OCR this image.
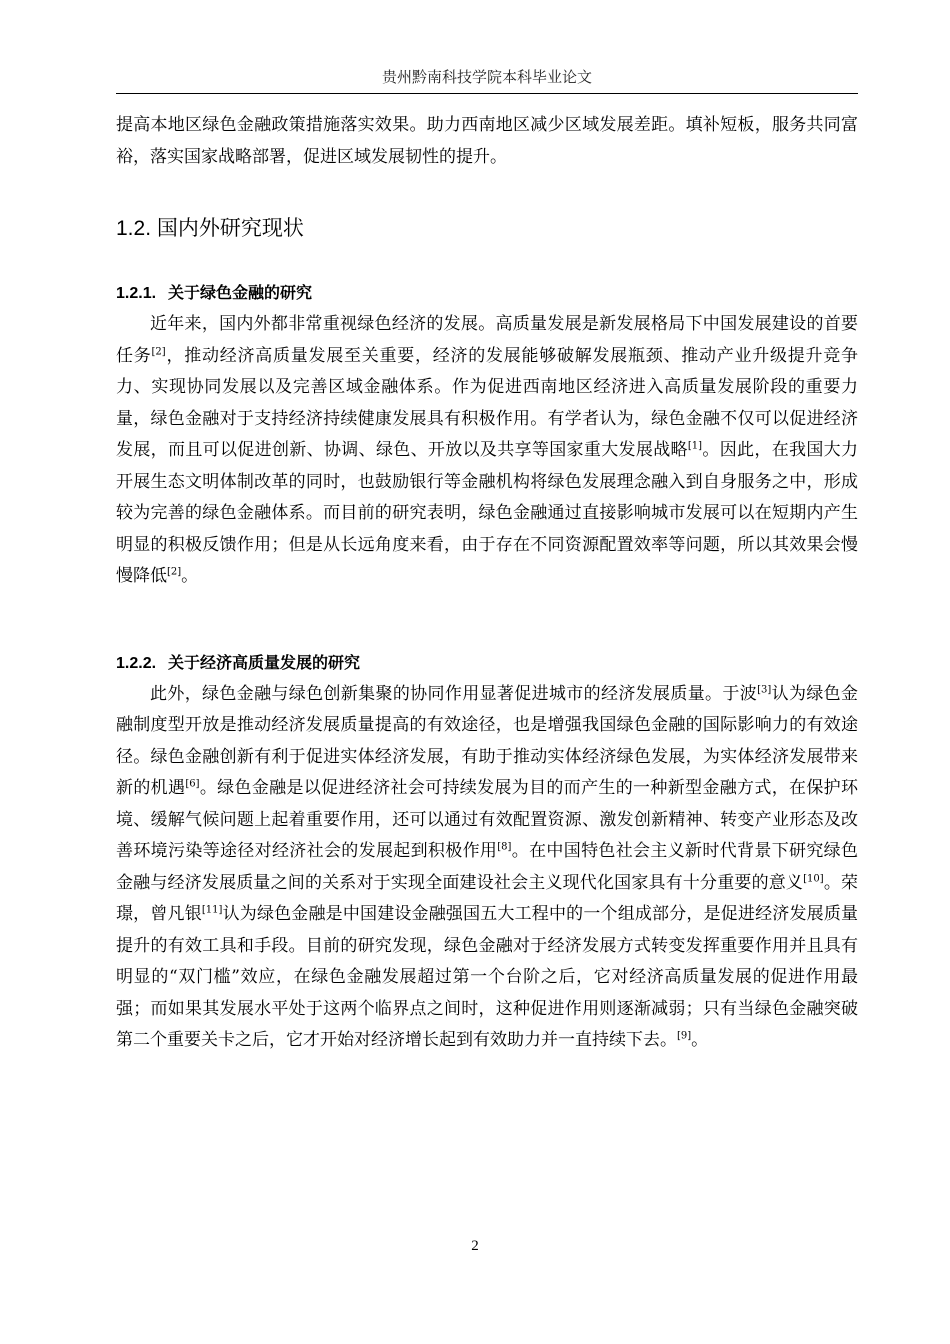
贵州黔南科技学院本科毕业论文

提高本地区绿色金融政策措施落实效果。助力西南地区减少区域发展差距。填补短板，服务共同富裕，落实国家战略部署，促进区域发展韧性的提升。

1.2. 国内外研究现状
1.2.1. 关于绿色金融的研究

近年来，国内外都非常重视绿色经济的发展。高质量发展是新发展格局下中国发展建设的首要任务[2]，推动经济高质量发展至关重要，经济的发展能够破解发展瓶颈、推动产业升级提升竞争力、实现协同发展以及完善区域金融体系。作为促进西南地区经济进入高质量发展阶段的重要力量，绿色金融对于支持经济持续健康发展具有积极作用。有学者认为，绿色金融不仅可以促进经济发展，而且可以促进创新、协调、绿色、开放以及共享等国家重大发展战略[1]。因此，在我国大力开展生态文明体制改革的同时，也鼓励银行等金融机构将绿色发展理念融入到自身服务之中，形成较为完善的绿色金融体系。而目前的研究表明，绿色金融通过直接影响城市发展可以在短期内产生明显的积极反馈作用；但是从长远角度来看，由于存在不同资源配置效率等问题，所以其效果会慢慢降低[2]。

1.2.2. 关于经济高质量发展的研究

此外，绿色金融与绿色创新集聚的协同作用显著促进城市的经济发展质量。于波[3]认为绿色金融制度型开放是推动经济发展质量提高的有效途径，也是增强我国绿色金融的国际影响力的有效途径。绿色金融创新有利于促进实体经济发展，有助于推动实体经济绿色发展，为实体经济发展带来新的机遇[6]。绿色金融是以促进经济社会可持续发展为目的而产生的一种新型金融方式，在保护环境、缓解气候问题上起着重要作用，还可以通过有效配置资源、激发创新精神、转变产业形态及改善环境污染等途径对经济社会的发展起到积极作用[8]。在中国特色社会主义新时代背景下研究绿色金融与经济发展质量之间的关系对于实现全面建设社会主义现代化国家具有十分重要的意义[10]。荣璟，曾凡银[11]认为绿色金融是中国建设金融强国五大工程中的一个组成部分，是促进经济发展质量提升的有效工具和手段。目前的研究发现，绿色金融对于经济发展方式转变发挥重要作用并且具有明显的“双门槛”效应，在绿色金融发展超过第一个台阶之后，它对经济高质量发展的促进作用最强；而如果其发展水平处于这两个临界点之间时，这种促进作用则逐渐减弱；只有当绿色金融突破第二个重要关卡之后，它才开始对经济增长起到有效助力并一直持续下去。[9]。

2
